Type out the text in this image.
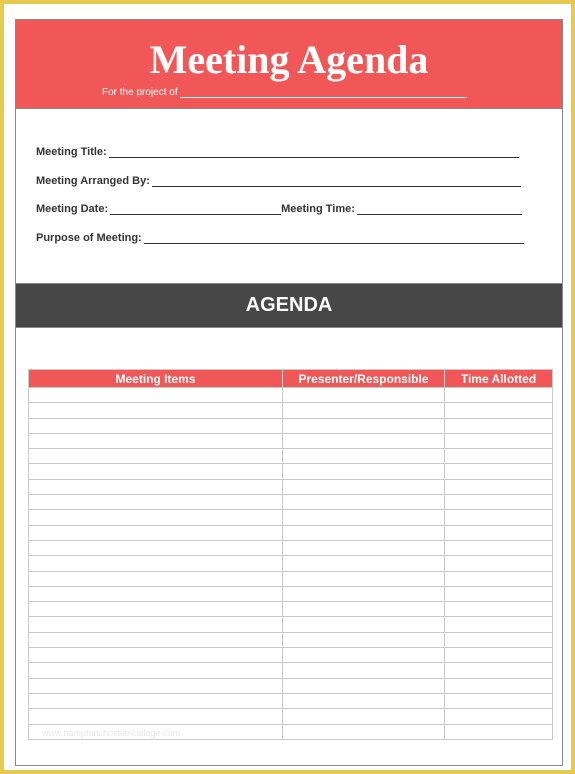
Meeting Agenda
For the project of
Meeting Title:
Meeting Arranged By:
Meeting Date:	Meeting Time:
Purpose of Meeting:
AGENDA
Meeting Items	Presenter/Responsible	Time Allotted

www.hamptonchristiancollege.com
